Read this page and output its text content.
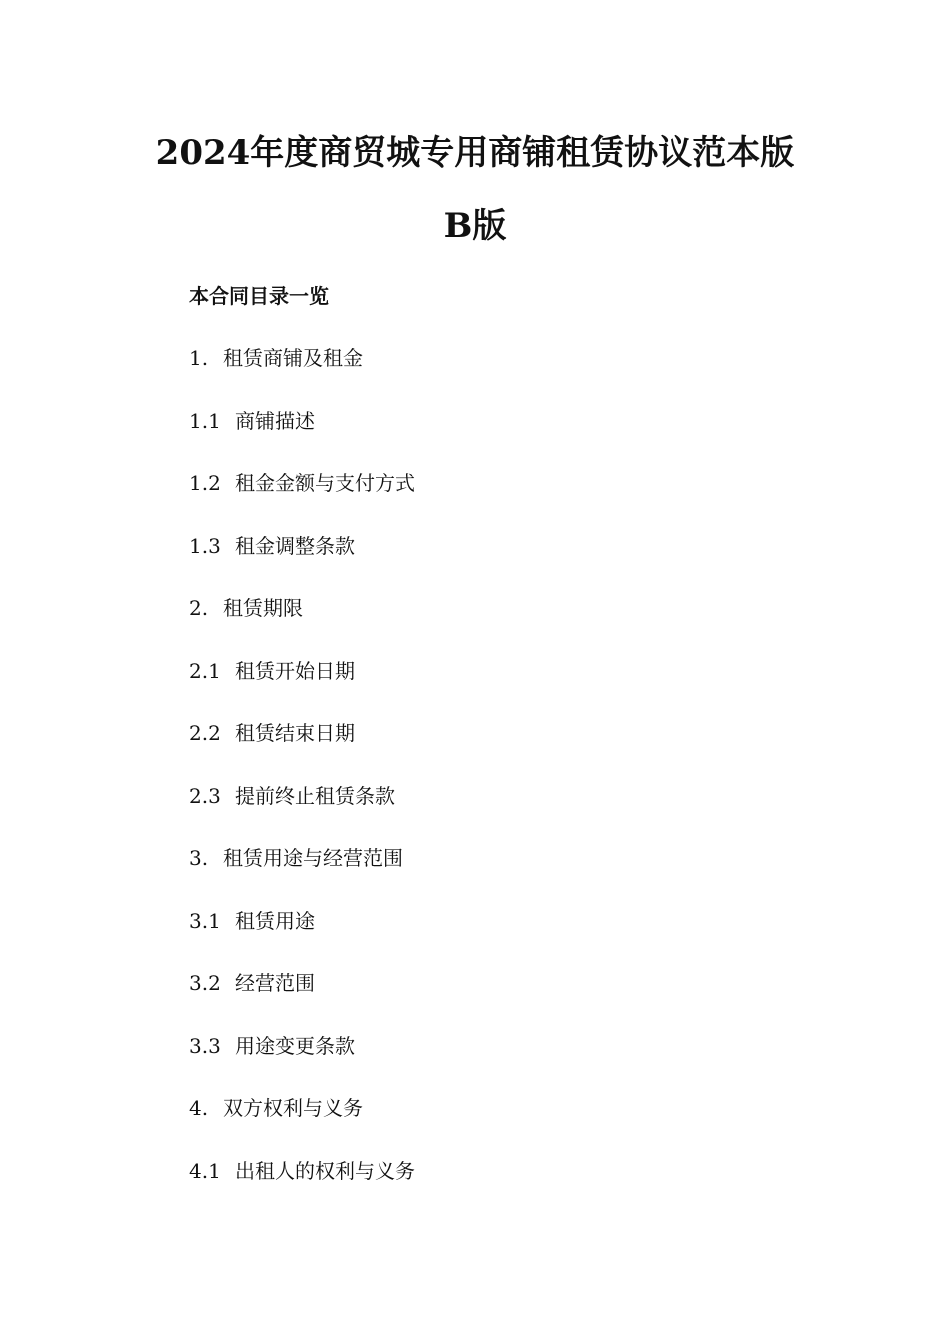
2024年度商贸城专用商铺租赁协议范本版
B版
本合同目录一览
1. 租赁商铺及租金
1.1 商铺描述
1.2 租金金额与支付方式
1.3 租金调整条款
2. 租赁期限
2.1 租赁开始日期
2.2 租赁结束日期
2.3 提前终止租赁条款
3. 租赁用途与经营范围
3.1 租赁用途
3.2 经营范围
3.3 用途变更条款
4. 双方权利与义务
4.1 出租人的权利与义务
